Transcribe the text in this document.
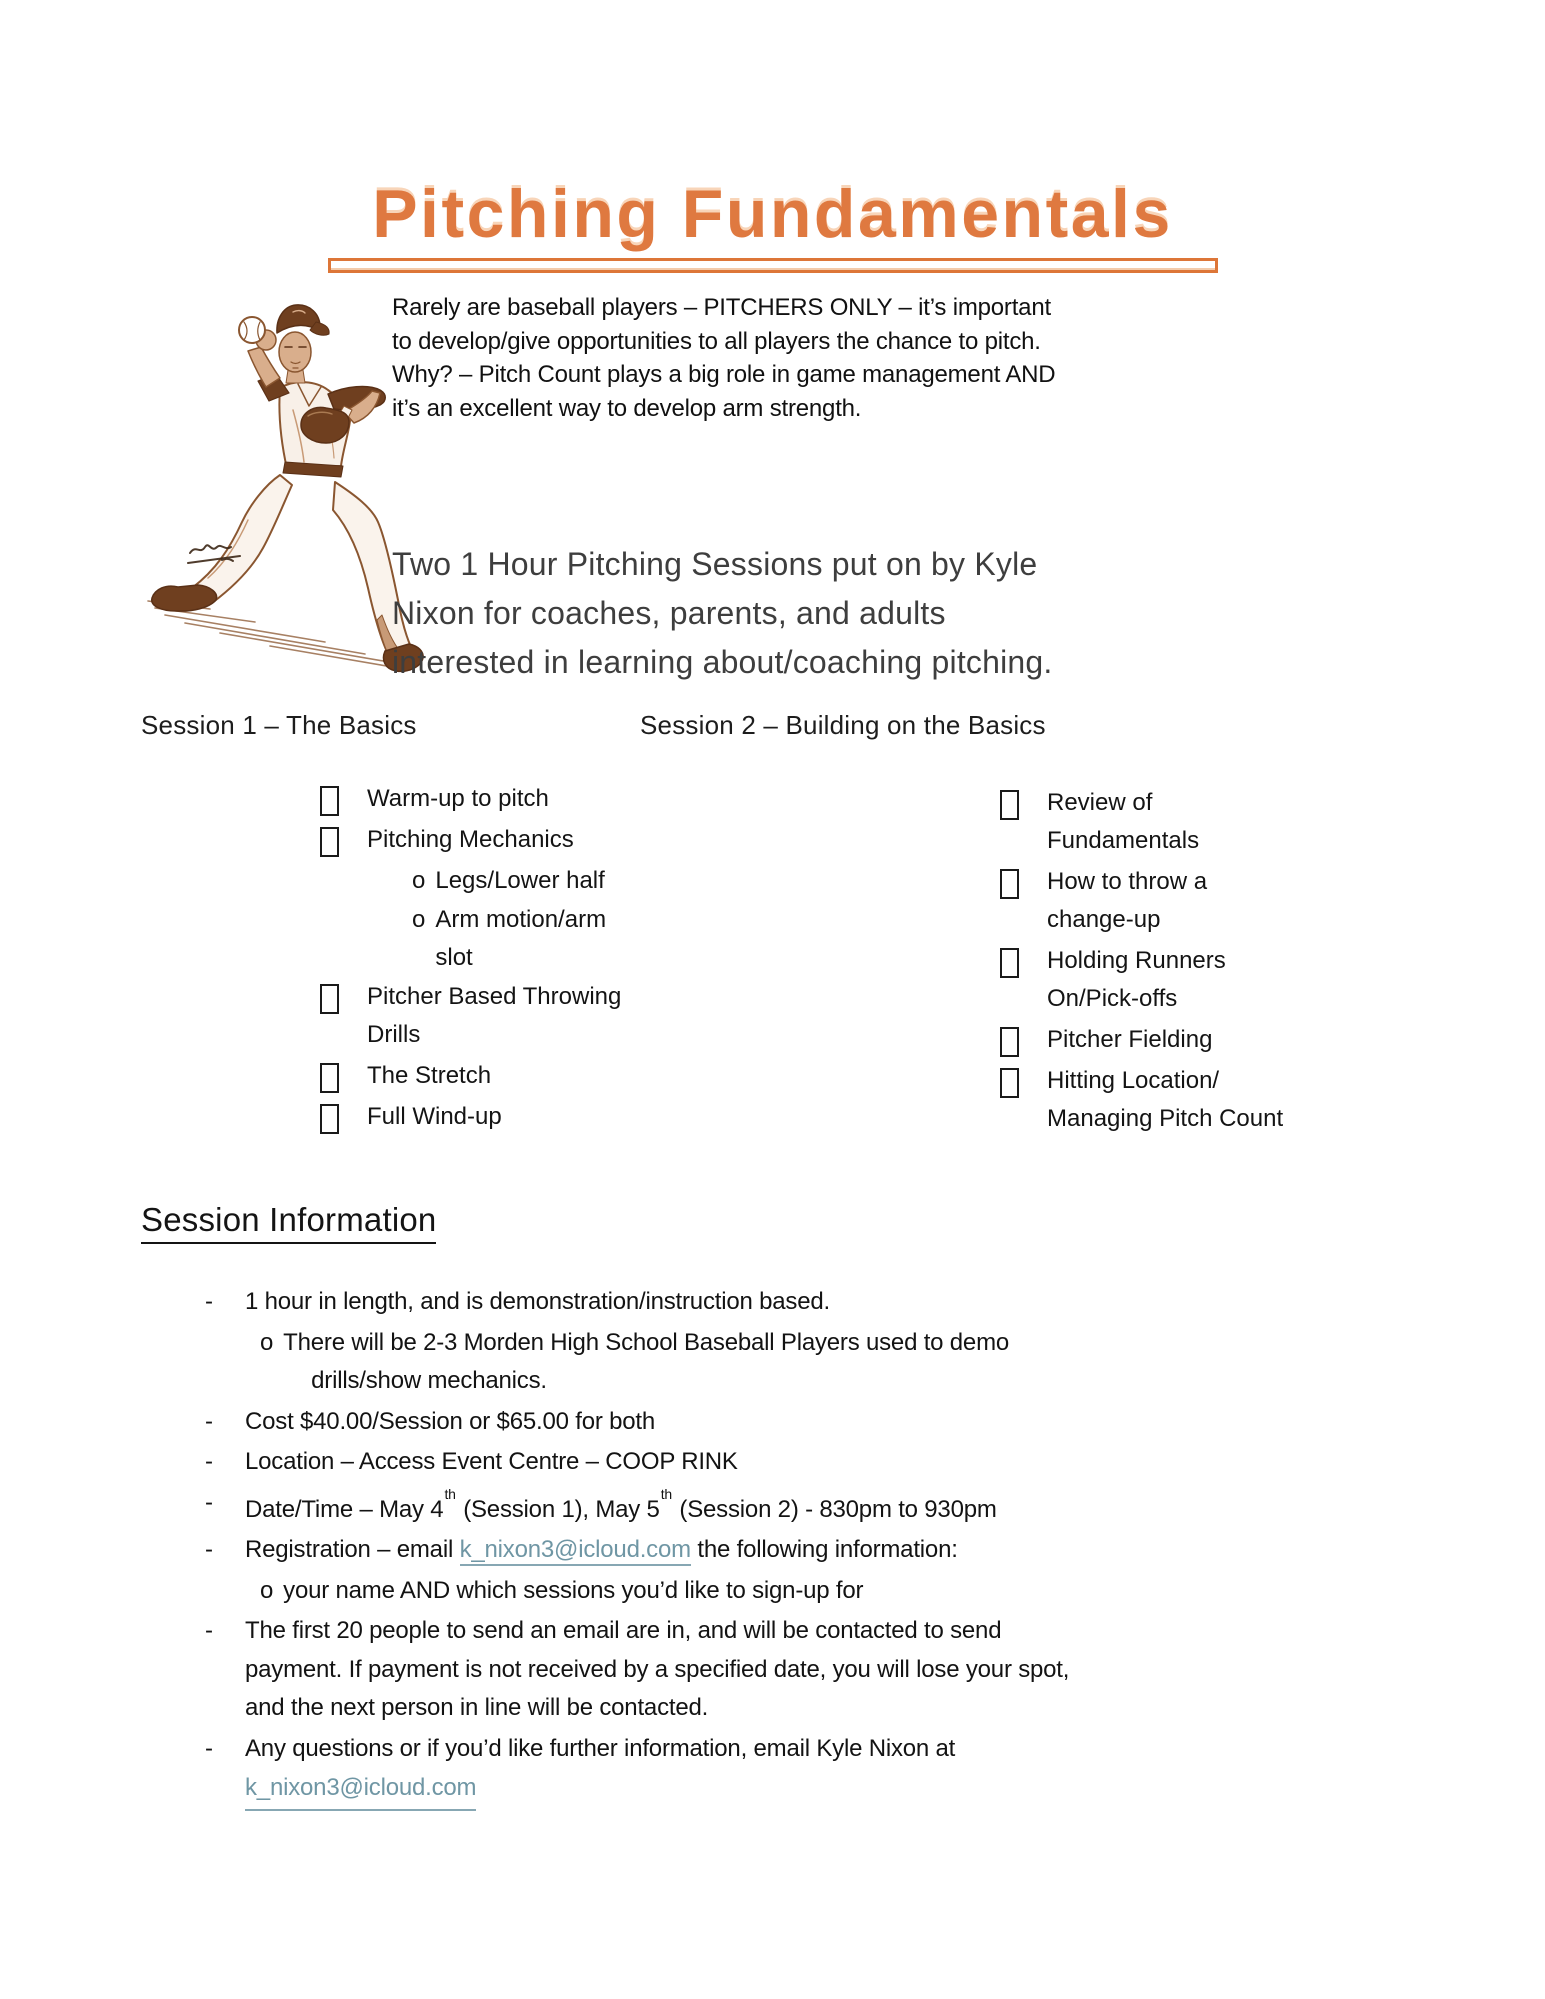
Pitching Fundamentals
Rarely are baseball players – PITCHERS ONLY – it’s important
to develop/give opportunities to all players the chance to pitch.
Why? – Pitch Count plays a big role in game management AND
it’s an excellent way to develop arm strength.
Two 1 Hour Pitching Sessions put on by Kyle
Nixon for coaches, parents, and adults
interested in learning about/coaching pitching.
Session 1 – The Basics	Session 2 – Building on the Basics
Warm-up to pitch
Pitching Mechanics
o Legs/Lower half
o Arm motion/arm slot
Pitcher Based Throwing
Drills
The Stretch
Full Wind-up
Review of
Fundamentals
How to throw a
change-up
Holding Runners
On/Pick-offs
Pitcher Fielding
Hitting Location/
Managing Pitch Count
Session Information
-	1 hour in length, and is demonstration/instruction based.
o There will be 2-3 Morden High School Baseball Players used to demo
drills/show mechanics.
-	Cost $40.00/Session or $65.00 for both
-	Location – Access Event Centre – COOP RINK
-	Date/Time – May 4th (Session 1), May 5th (Session 2) - 830pm to 930pm
-	Registration – email k_nixon3@icloud.com the following information:
o your name AND which sessions you’d like to sign-up for
-	The first 20 people to send an email are in, and will be contacted to send
payment. If payment is not received by a specified date, you will lose your spot,
and the next person in line will be contacted.
-	Any questions or if you’d like further information, email Kyle Nixon at
k_nixon3@icloud.com
